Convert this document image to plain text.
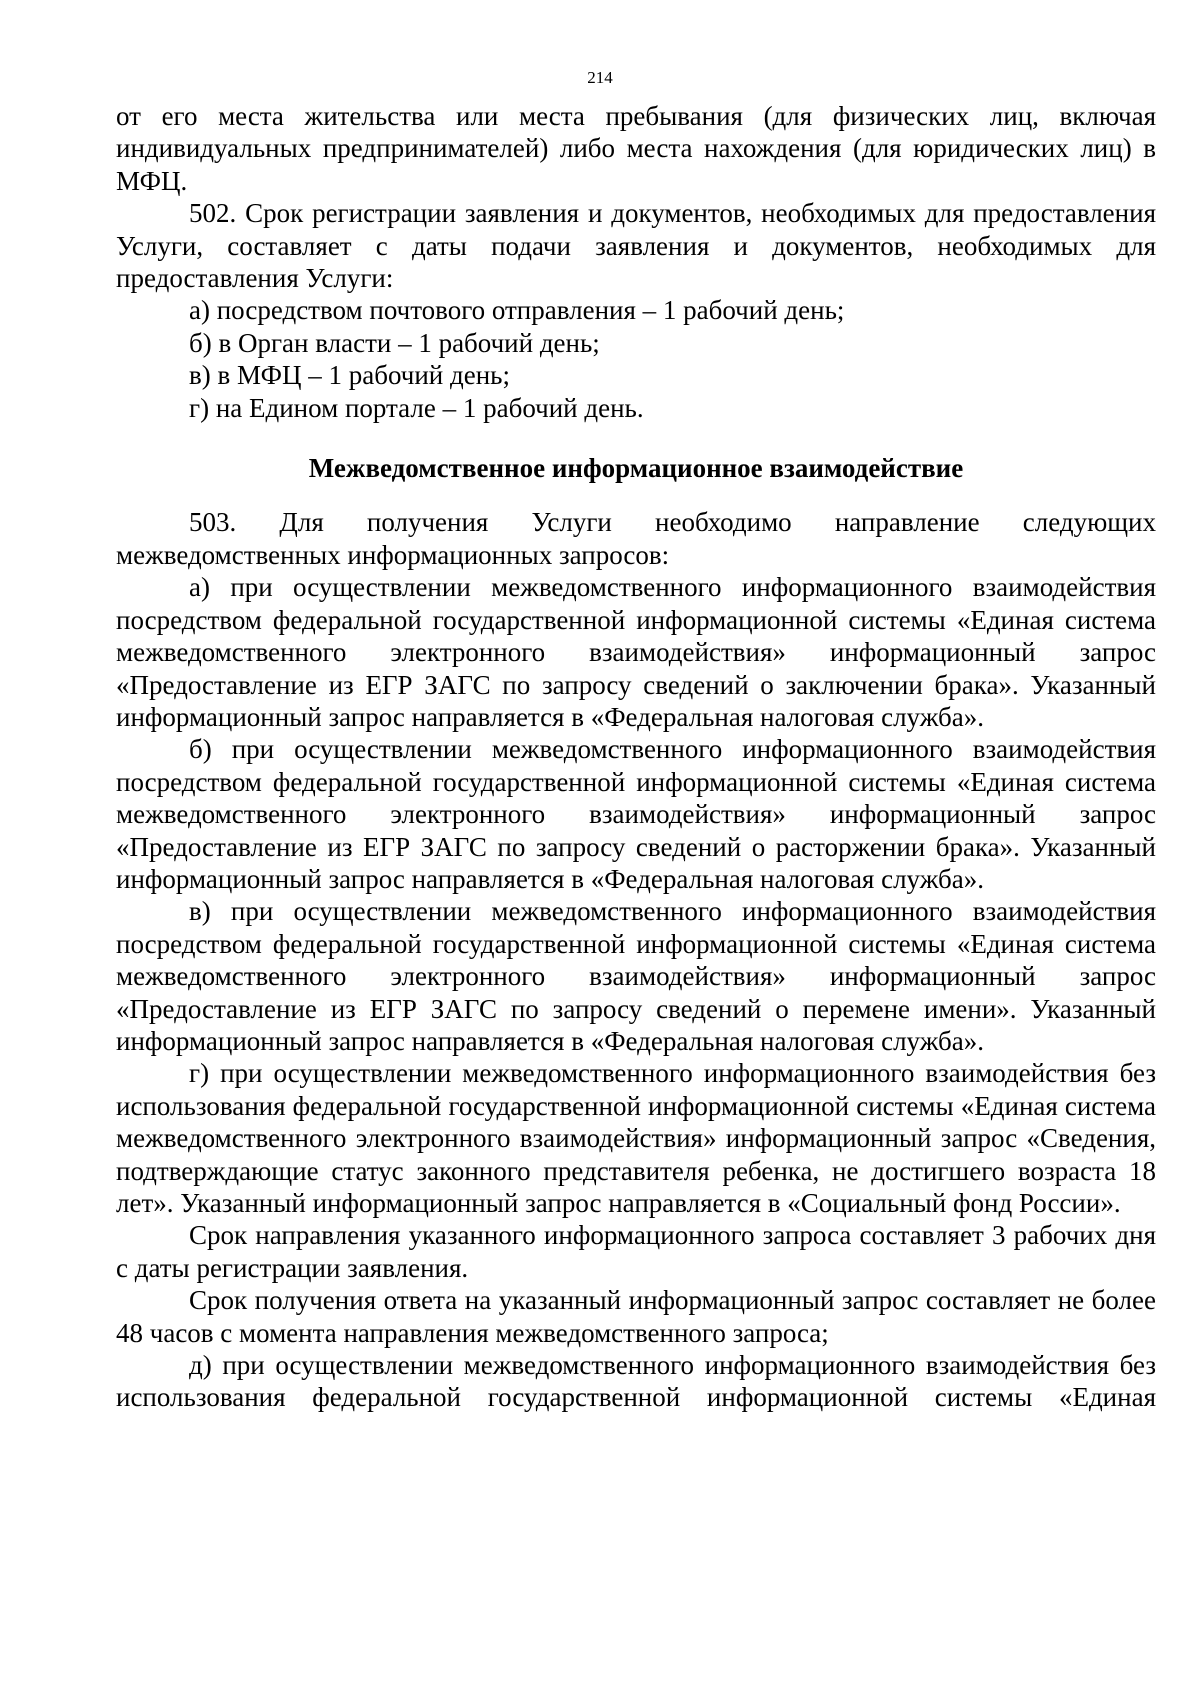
214

от его места жительства или места пребывания (для физических лиц, включая индивидуальных предпринимателей) либо места нахождения (для юридических лиц) в МФЦ.

502. Срок регистрации заявления и документов, необходимых для предоставления Услуги, составляет с даты подачи заявления и документов, необходимых для предоставления Услуги:

а) посредством почтового отправления – 1 рабочий день;

б) в Орган власти – 1 рабочий день;

в) в МФЦ – 1 рабочий день;

г) на Едином портале – 1 рабочий день.

Межведомственное информационное взаимодействие

503. Для получения Услуги необходимо направление следующих межведомственных информационных запросов:

а) при осуществлении межведомственного информационного взаимодействия посредством федеральной государственной информационной системы «Единая система межведомственного электронного взаимодействия» информационный запрос «Предоставление из ЕГР ЗАГС по запросу сведений о заключении брака». Указанный информационный запрос направляется в «Федеральная налоговая служба».

б) при осуществлении межведомственного информационного взаимодействия посредством федеральной государственной информационной системы «Единая система межведомственного электронного взаимодействия» информационный запрос «Предоставление из ЕГР ЗАГС по запросу сведений о расторжении брака». Указанный информационный запрос направляется в «Федеральная налоговая служба».

в) при осуществлении межведомственного информационного взаимодействия посредством федеральной государственной информационной системы «Единая система межведомственного электронного взаимодействия» информационный запрос «Предоставление из ЕГР ЗАГС по запросу сведений о перемене имени». Указанный информационный запрос направляется в «Федеральная налоговая служба».

г) при осуществлении межведомственного информационного взаимодействия без использования федеральной государственной информационной системы «Единая система межведомственного электронного взаимодействия» информационный запрос «Сведения, подтверждающие статус законного представителя ребенка, не достигшего возраста 18 лет». Указанный информационный запрос направляется в «Социальный фонд России».

Срок направления указанного информационного запроса составляет 3 рабочих дня с даты регистрации заявления.

Срок получения ответа на указанный информационный запрос составляет не более 48 часов с момента направления межведомственного запроса;

д) при осуществлении межведомственного информационного взаимодействия без использования федеральной государственной информационной системы «Единая
